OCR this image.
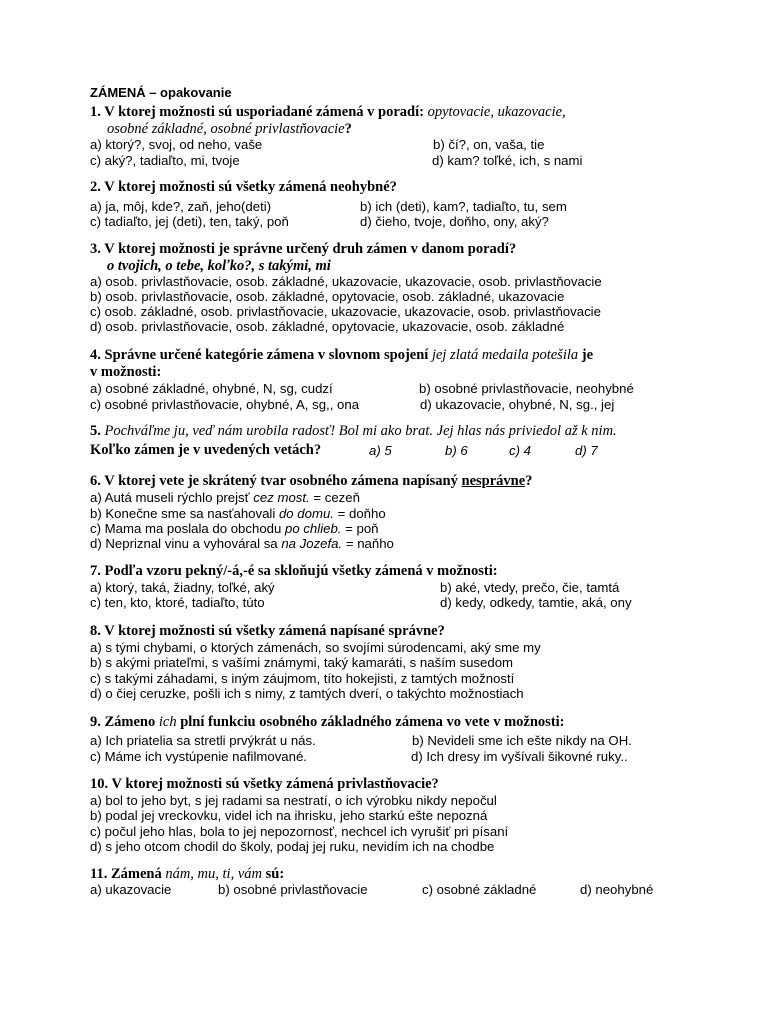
ZÁMENÁ – opakovanie
1. V ktorej možnosti sú usporiadané zámená v poradí: opytovacie, ukazovacie,
osobné základné, osobné privlastňovacie?
a) ktorý?, svoj, od neho, vaše	b) čí?, on, vaša, tie
c) aký?, tadiaľto, mi, tvoje	d) kam? toľké, ich, s nami
2. V ktorej možnosti sú všetky zámená neohybné?
a) ja, môj, kde?, zaň, jeho(deti)	b) ich (deti), kam?, tadiaľto, tu, sem
c) tadiaľto, jej (deti), ten, taký, poň	d) čieho, tvoje, doňho, ony, aký?
3. V ktorej možnosti je správne určený druh zámen v danom poradí?
o tvojich, o tebe, koľko?, s takými, mi
a) osob. privlastňovacie, osob. základné, ukazovacie, ukazovacie, osob. privlastňovacie
b) osob. privlastňovacie, osob. základné, opytovacie, osob. základné, ukazovacie
c) osob. základné, osob. privlastňovacie, ukazovacie, ukazovacie, osob. privlastňovacie
d) osob. privlastňovacie, osob. základné, opytovacie, ukazovacie, osob. základné
4. Správne určené kategórie zámena v slovnom spojení jej zlatá medaila potešila je
v možnosti:
a) osobné základné, ohybné, N, sg, cudzí	b) osobné privlastňovacie, neohybné
c) osobné privlastňovacie, ohybné, A, sg,, ona	d) ukazovacie, ohybné, N, sg., jej
5. Pochváľme ju, veď nám urobila radosť! Bol mi ako brat. Jej hlas nás priviedol až k nim.
Koľko zámen je v uvedených vetách?	a) 5	b) 6	c) 4	d) 7
6. V ktorej vete je skrátený tvar osobného zámena napísaný nesprávne?
a) Autá museli rýchlo prejsť cez most. = cezeň
b) Konečne sme sa nasťahovali do domu. = doňho
c) Mama ma poslala do obchodu po chlieb. = poň
d) Nepriznal vinu a vyhováral sa na Jozefa. = naňho
7. Podľa vzoru pekný/-á,-é sa skloňujú všetky zámená v možnosti:
a) ktorý, taká, žiadny, toľké, aký	b) aké, vtedy, prečo, čie, tamtá
c) ten, kto, ktoré, tadiaľto, túto	d) kedy, odkedy, tamtie, aká, ony
8. V ktorej možnosti sú všetky zámená napísané správne?
a) s tými chybami, o ktorých zámenách, so svojími súrodencami, aký sme my
b) s akými priateľmi, s vašími známymi, taký kamaráti, s naším susedom
c) s takými záhadami, s iným záujmom, títo hokejisti, z tamtých možností
d) o čiej ceruzke, pošli ich s nimy, z tamtých dverí, o takýchto možnostiach
9. Zámeno ich plní funkciu osobného základného zámena vo vete v možnosti:
a) Ich priatelia sa stretli prvýkrát u nás.	b) Nevideli sme ich ešte nikdy na OH.
c) Máme ich vystúpenie nafilmované.	d) Ich dresy im vyšívali šikovné ruky..
10. V ktorej možnosti sú všetky zámená privlastňovacie?
a) bol to jeho byt, s jej radami sa nestratí, o ich výrobku nikdy nepočul
b) podal jej vreckovku, videl ich na ihrisku, jeho starkú ešte nepozná
c) počul jeho hlas, bola to jej nepozornosť, nechcel ich vyrušiť pri písaní
d) s jeho otcom chodil do školy, podaj jej ruku, nevidím ich na chodbe
11. Zámená nám, mu, ti, vám sú:
a) ukazovacie	b) osobné privlastňovacie	c) osobné základné	d) neohybné
